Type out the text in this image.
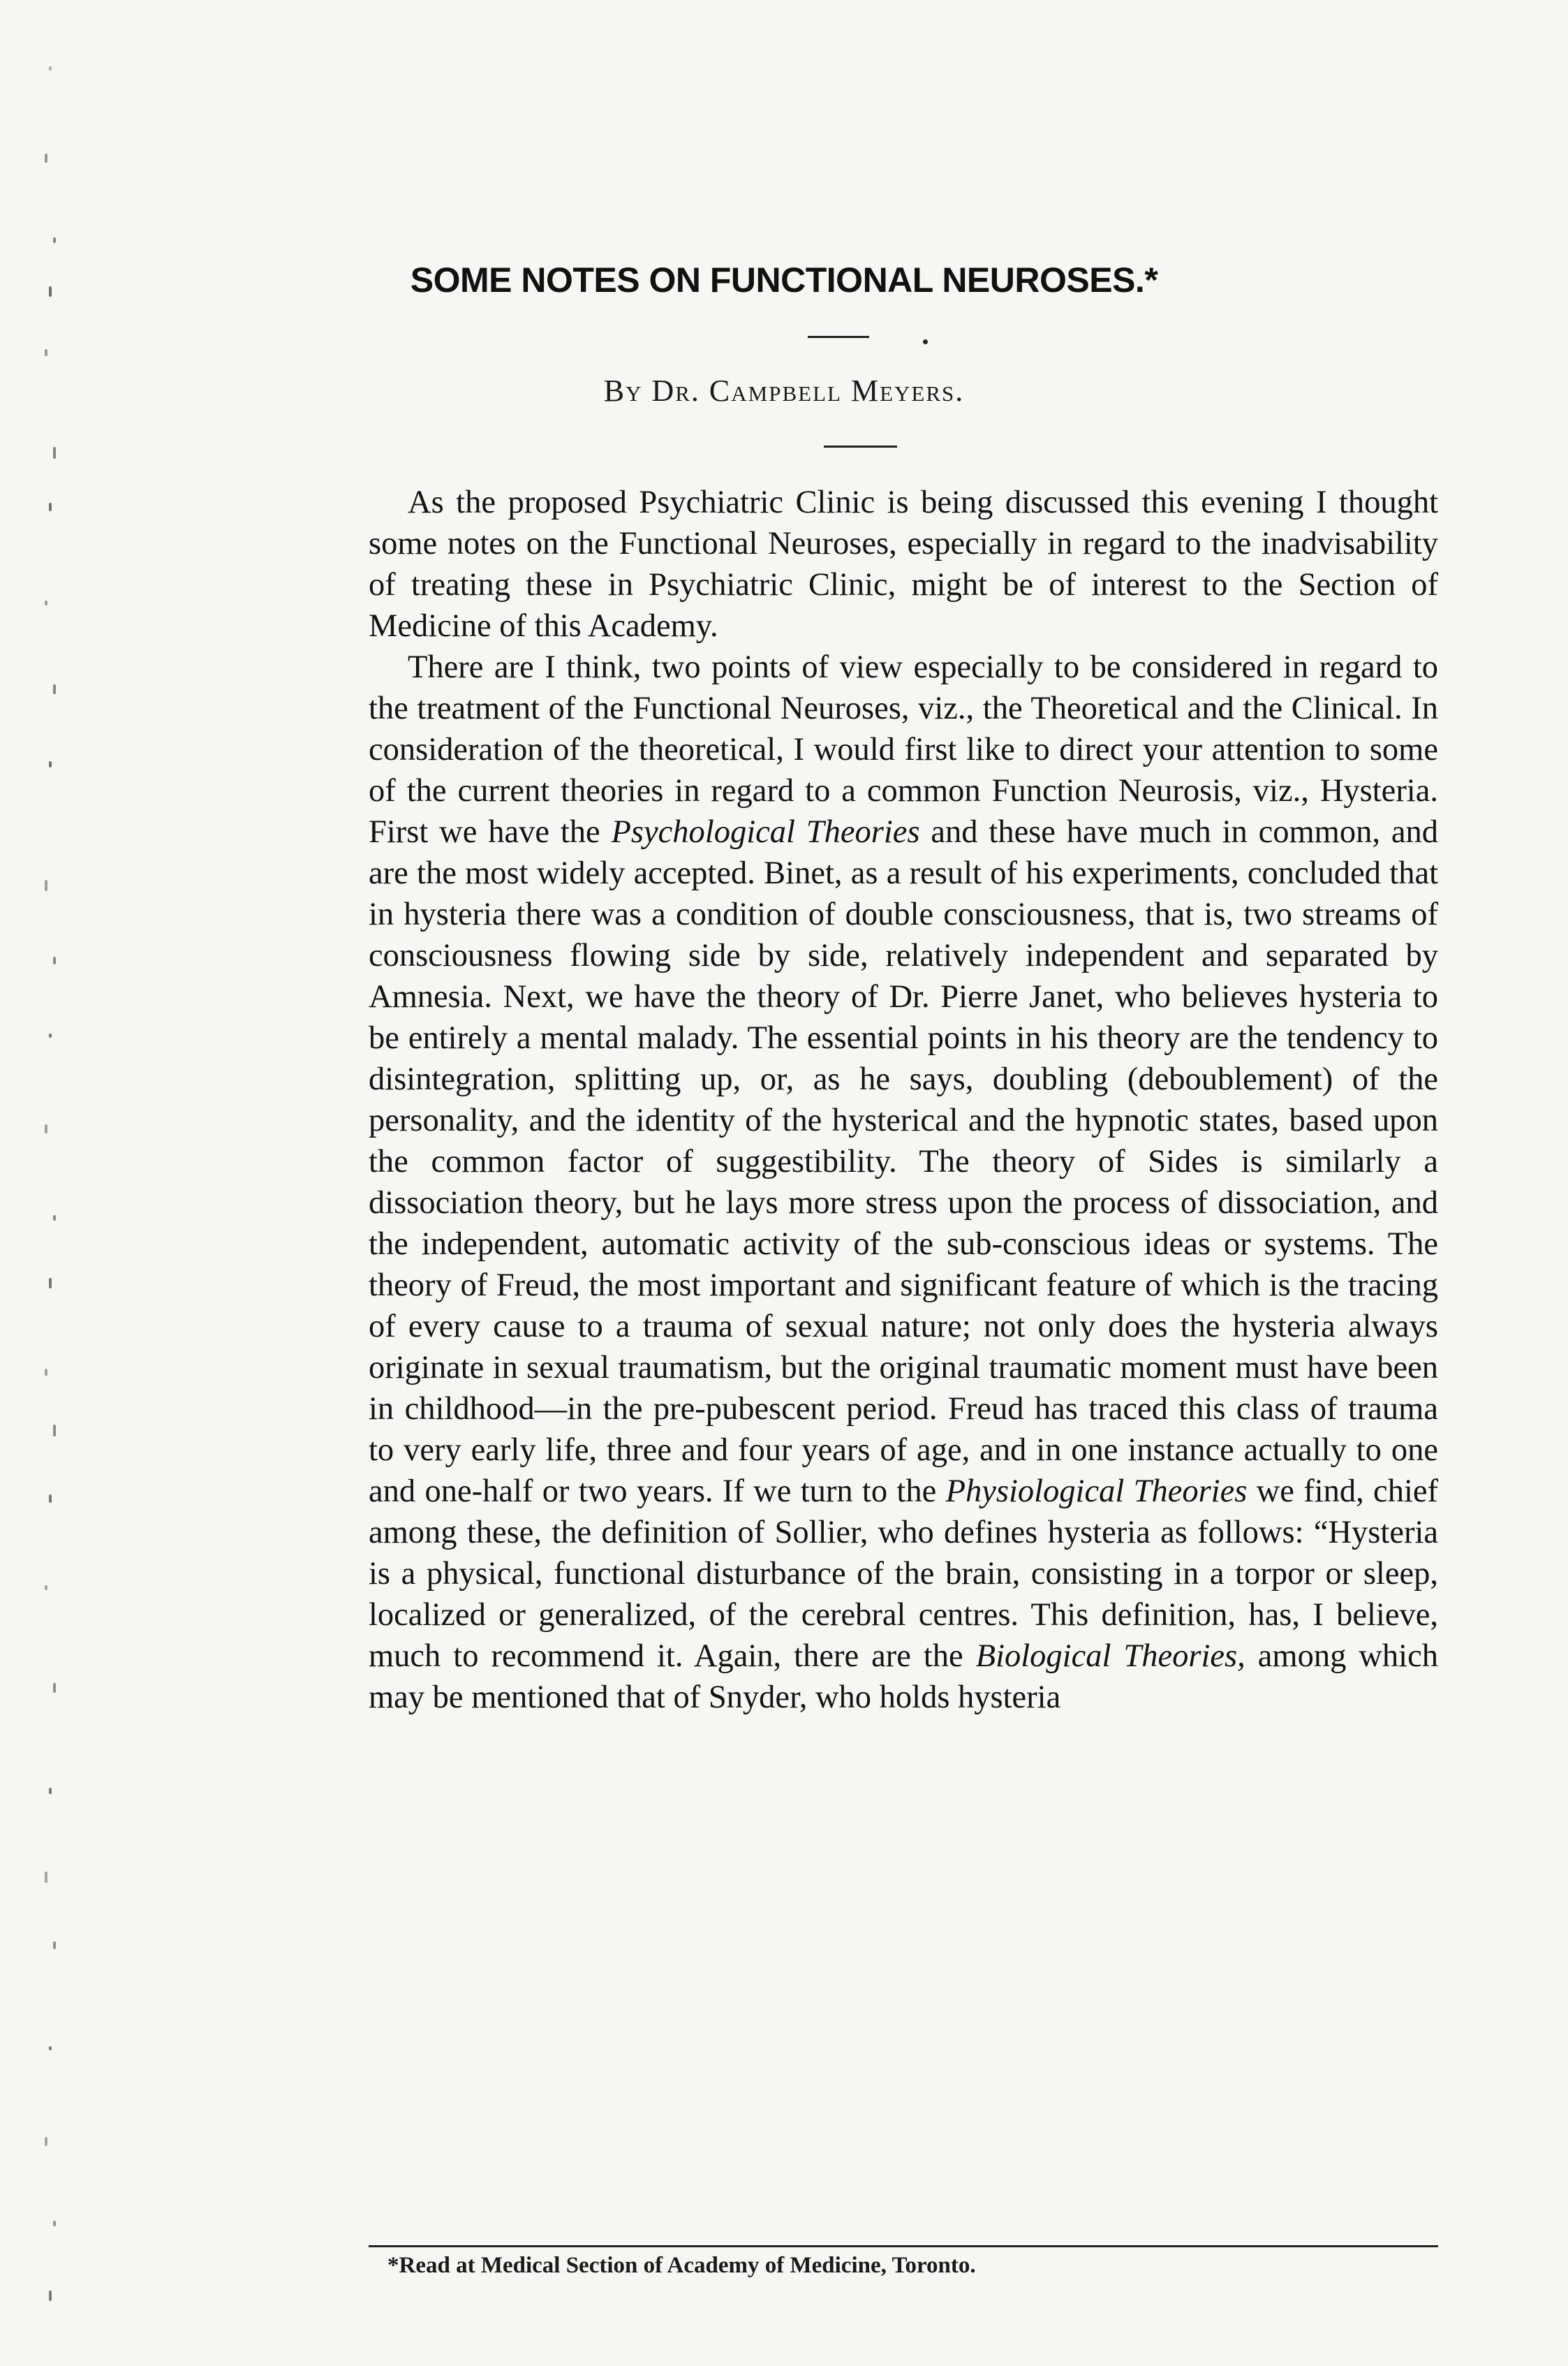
SOME NOTES ON FUNCTIONAL NEUROSES.*

By Dr. Campbell Meyers.

As the proposed Psychiatric Clinic is being discussed this evening I thought some notes on the Functional Neuroses, especially in regard to the inadvisability of treating these in Psychiatric Clinic, might be of interest to the Section of Medicine of this Academy.

There are I think, two points of view especially to be considered in regard to the treatment of the Functional Neuroses, viz., the Theoretical and the Clinical. In consideration of the theoretical, I would first like to direct your attention to some of the current theories in regard to a common Function Neurosis, viz., Hysteria. First we have the Psychological Theories and these have much in common, and are the most widely accepted. Binet, as a result of his experiments, concluded that in hysteria there was a condition of double consciousness, that is, two streams of consciousness flowing side by side, relatively independent and separated by Amnesia. Next, we have the theory of Dr. Pierre Janet, who believes hysteria to be entirely a mental malady. The essential points in his theory are the tendency to disintegration, splitting up, or, as he says, doubling (deboublement) of the personality, and the identity of the hysterical and the hypnotic states, based upon the common factor of suggestibility. The theory of Sides is similarly a dissociation theory, but he lays more stress upon the process of dissociation, and the independent, automatic activity of the sub-conscious ideas or systems. The theory of Freud, the most important and significant feature of which is the tracing of every cause to a trauma of sexual nature; not only does the hysteria always originate in sexual traumatism, but the original traumatic moment must have been in childhood—in the pre-pubescent period. Freud has traced this class of trauma to very early life, three and four years of age, and in one instance actually to one and one-half or two years. If we turn to the Physiological Theories we find, chief among these, the definition of Sollier, who defines hysteria as follows: “Hysteria is a physical, functional disturbance of the brain, consisting in a torpor or sleep, localized or generalized, of the cerebral centres. This definition, has, I believe, much to recommend it. Again, there are the Biological Theories, among which may be mentioned that of Snyder, who holds hysteria

*Read at Medical Section of Academy of Medicine, Toronto.
